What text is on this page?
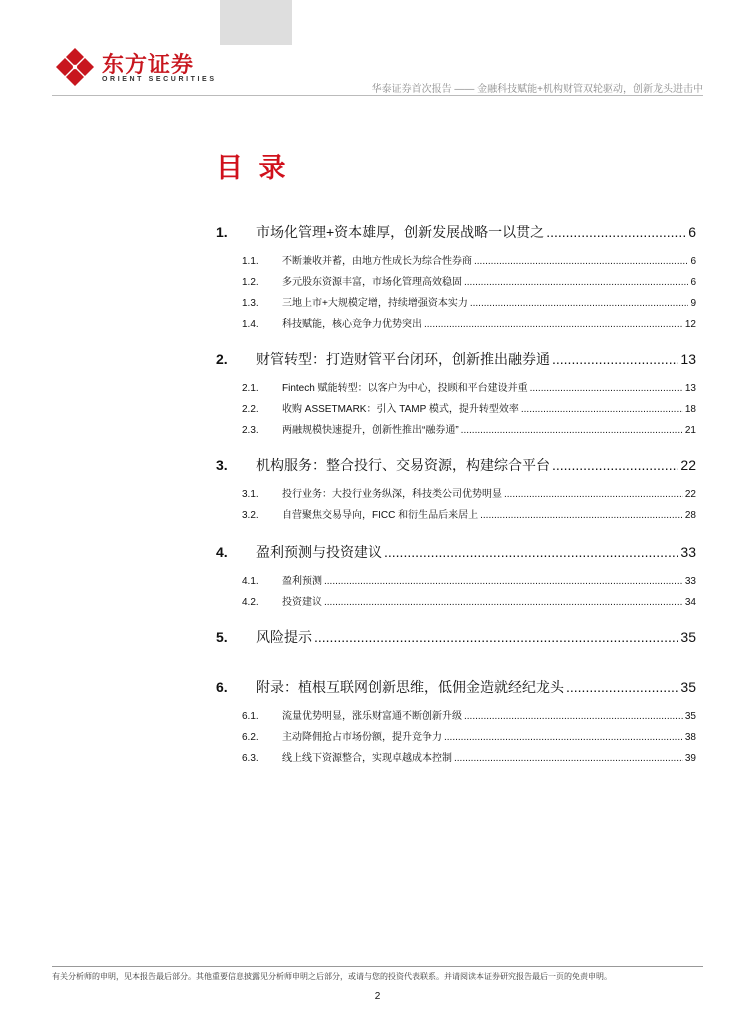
东方证券
ORIENT SECURITIES
华泰证券首次报告 —— 金融科技赋能+机构财管双轮驱动，创新龙头进击中
目 录
1.	市场化管理+资本雄厚，创新发展战略一以贯之 .....	6
1.1.	不断兼收并蓄，由地方性成长为综合性券商 .....	6
1.2.	多元股东资源丰富，市场化管理高效稳固 .....	6
1.3.	三地上市+大规模定增，持续增强资本实力 .....	9
1.4.	科技赋能，核心竞争力优势突出 .....	12
2.	财管转型：打造财管平台闭环，创新推出融券通 .....	13
2.1.	Fintech 赋能转型：以客户为中心，投顾和平台建设并重 .....	13
2.2.	收购 ASSETMARK：引入 TAMP 模式，提升转型效率 .....	18
2.3.	两融规模快速提升，创新性推出“融券通” .....	21
3.	机构服务：整合投行、交易资源，构建综合平台 .....	22
3.1.	投行业务：大投行业务纵深，科技类公司优势明显 .....	22
3.2.	自营聚焦交易导向，FICC 和衍生品后来居上 .....	28
4.	盈利预测与投资建议 .....	33
4.1.	盈利预测 .....	33
4.2.	投资建议 .....	34
5.	风险提示 .....	35
6.	附录：植根互联网创新思维，低佣金造就经纪龙头 .....	35
6.1.	流量优势明显，涨乐财富通不断创新升级 .....	35
6.2.	主动降佣抢占市场份额，提升竞争力 .....	38
6.3.	线上线下资源整合，实现卓越成本控制 .....	39
有关分析师的申明，见本报告最后部分。其他重要信息披露见分析师申明之后部分，或请与您的投资代表联系。并请阅读本证券研究报告最后一页的免责申明。
2
